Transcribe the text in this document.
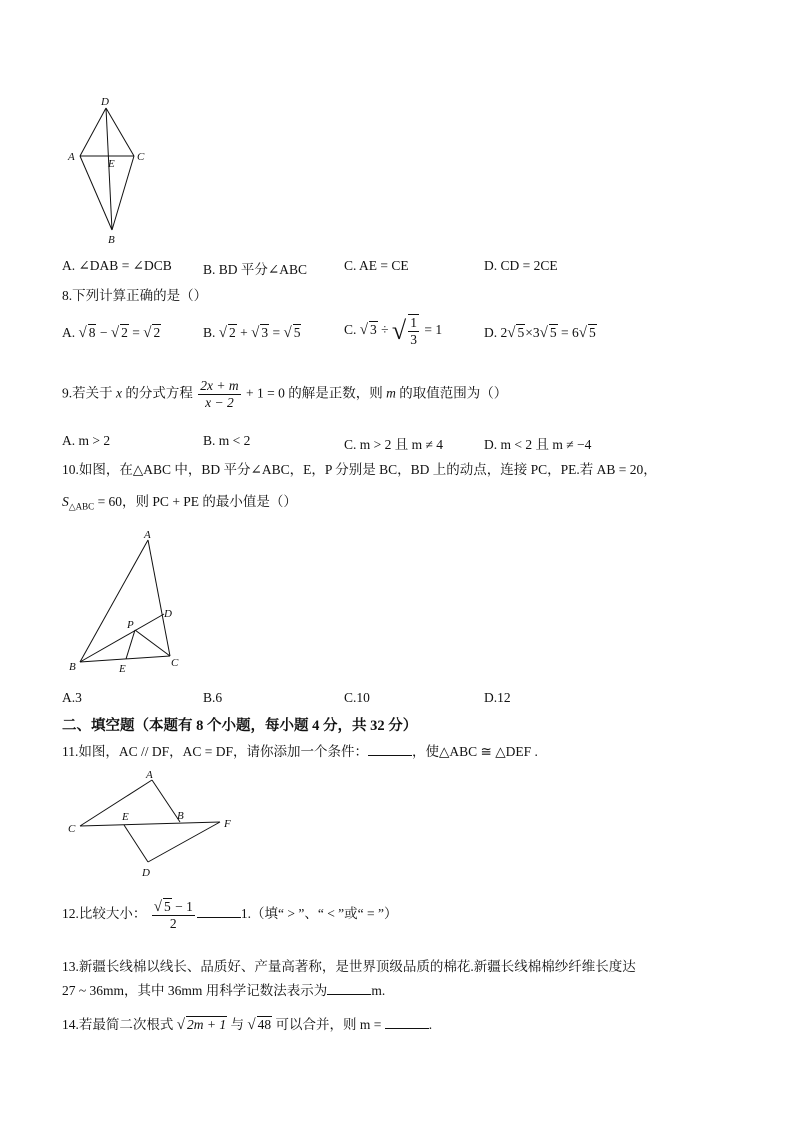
D
A
E
C
B
A. ∠DAB = ∠DCB B. BD 平分∠ABC	C. AE = CE	D. CD = 2CE
8.下列计算正确的是（）
A. √ 8 − √ 2 = √ 2	B. √ 2 + √ 3 = √ 5	C. √ 3 ÷ √ $\frac{1}{3} = 1$	D. 2√ 5×3√ 5 = 6√ 5
9.若关于 x 的分式方程 $\frac{2x + m}{x - 2} + 1 = 0$ 的解是正数，则 m 的取值范围为（）
A. m > 2	B. m < 2	C. m > 2 且 m ≠ 4	D. m < 2 且 m ≠ −4
10.如图，在△ABC 中，BD 平分∠ABC，E，P 分别是 BC，BD 上的动点，连接 PC，PE.若 AB = 20，
$S_{\triangle ABC} = 60$，则 PC + PE 的最小值是（）
A
D
P
B	E	C
A.3	B.6	C.10	D.12
二、填空题（本题有 8 个小题，每小题 4 分，共 32 分）
11.如图，AC // DF，AC = DF，请你添加一个条件：	，使△ABC ≅ △DEF .
A
C
E	B
F
D
12.比较大小： $\frac{√ 5 - 1}{2}$	1.（填“ > ”、“ < ”或“ = ”）
13.新疆长线棉以线长、品质好、产量高著称，是世界顶级品质的棉花.新疆长线棉棉纱纤维长度达
27 ~ 36mm，其中 36mm 用科学记数法表示为	m.
14.若最简二次根式 √ 2m + 1 与 √ 48 可以合并，则 m =	.
